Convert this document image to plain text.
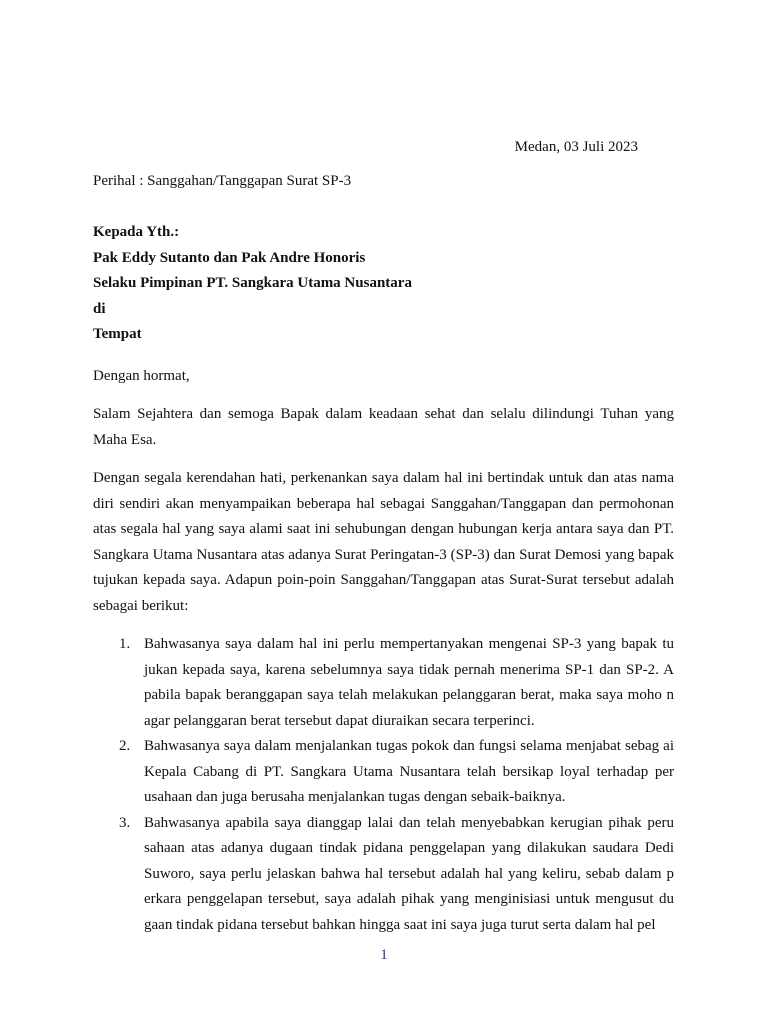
Medan, 03 Juli 2023
Perihal : Sanggahan/Tanggapan Surat SP-3
Kepada Yth.:
Pak Eddy Sutanto dan Pak Andre Honoris
Selaku Pimpinan PT. Sangkara Utama Nusantara
di
Tempat
Dengan hormat,
Salam Sejahtera dan semoga Bapak dalam keadaan sehat dan selalu dilindungi Tuhan yang Maha Esa.
Dengan segala kerendahan hati, perkenankan saya dalam hal ini bertindak untuk dan atas nama diri sendiri akan menyampaikan beberapa hal sebagai Sanggahan/Tanggapan dan permohonan atas segala hal yang saya alami saat ini sehubungan dengan hubungan kerja antara saya dan PT. Sangkara Utama Nusantara atas adanya Surat Peringatan-3 (SP-3) dan Surat Demosi yang bapak tujukan kepada saya. Adapun poin-poin Sanggahan/Tanggapan atas Surat-Surat tersebut adalah sebagai berikut:
1. Bahwasanya saya dalam hal ini perlu mempertanyakan mengenai SP-3 yang bapak tu jukan kepada saya, karena sebelumnya saya tidak pernah menerima SP-1 dan SP-2. A pabila bapak beranggapan saya telah melakukan pelanggaran berat, maka saya moho n agar pelanggaran berat tersebut dapat diuraikan secara terperinci.
2. Bahwasanya saya dalam menjalankan tugas pokok dan fungsi selama menjabat sebag ai Kepala Cabang di PT. Sangkara Utama Nusantara telah bersikap loyal terhadap per usahaan dan juga berusaha menjalankan tugas dengan sebaik-baiknya.
3. Bahwasanya apabila saya dianggap lalai dan telah menyebabkan kerugian pihak peru sahaan atas adanya dugaan tindak pidana penggelapan yang dilakukan saudara Dedi Suworo, saya perlu jelaskan bahwa hal tersebut adalah hal yang keliru, sebab dalam p erkara penggelapan tersebut, saya adalah pihak yang menginisiasi untuk mengusut du gaan tindak pidana tersebut bahkan hingga saat ini saya juga turut serta dalam hal pel
1
